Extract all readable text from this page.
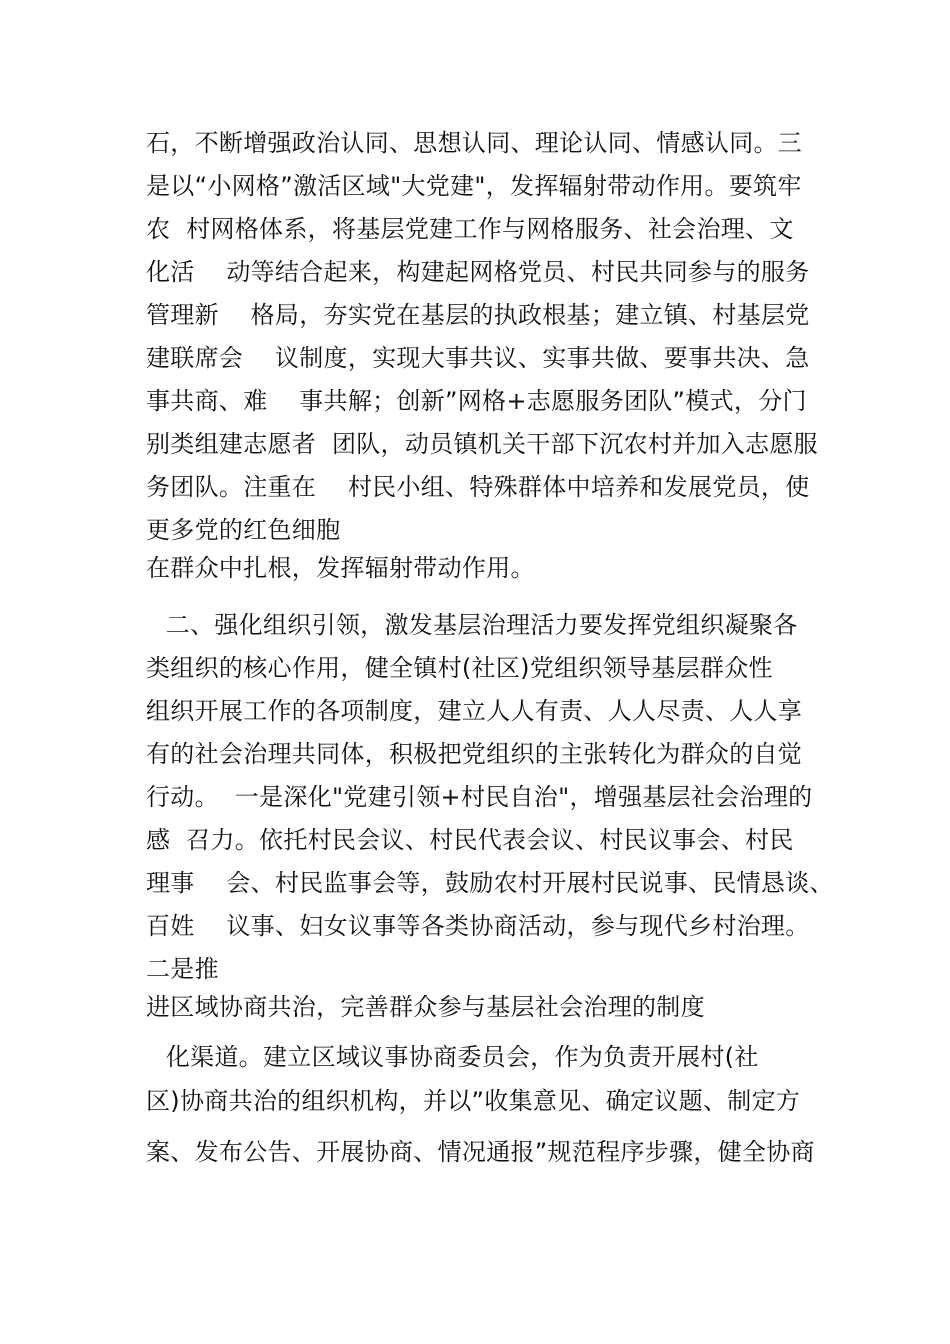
石，不断增强政治认同、思想认同、理论认同、情感认同。三
是以“小网格”激活区域"大党建"，发挥辐射带动作用。要筑牢
农  村网格体系，将基层党建工作与网格服务、社会治理、文
化活    动等结合起来，构建起网格党员、村民共同参与的服务
管理新    格局，夯实党在基层的执政根基；建立镇、村基层党
建联席会    议制度，实现大事共议、实事共做、要事共决、急
事共商、难    事共解；创新”网格+志愿服务团队”模式，分门
别类组建志愿者  团队，动员镇机关干部下沉农村并加入志愿服
务团队。注重在    村民小组、特殊群体中培养和发展党员，使
更多党的红色细胞
在群众中扎根，发挥辐射带动作用。
二、强化组织引领，激发基层治理活力要发挥党组织凝聚各
类组织的核心作用，健全镇村(社区)党组织领导基层群众性
组织开展工作的各项制度，建立人人有责、人人尽责、人人享
有的社会治理共同体，积极把党组织的主张转化为群众的自觉
行动。  一是深化"党建引领+村民自治"，增强基层社会治理的
感  召力。依托村民会议、村民代表会议、村民议事会、村民
理事    会、村民监事会等，鼓励农村开展村民说事、民情恳谈、
百姓    议事、妇女议事等各类协商活动，参与现代乡村治理。
二是推
进区域协商共治，完善群众参与基层社会治理的制度
化渠道。建立区域议事协商委员会，作为负责开展村(社
区)协商共治的组织机构，并以”收集意见、确定议题、制定方
案、发布公告、开展协商、情况通报”规范程序步骤，健全协商
